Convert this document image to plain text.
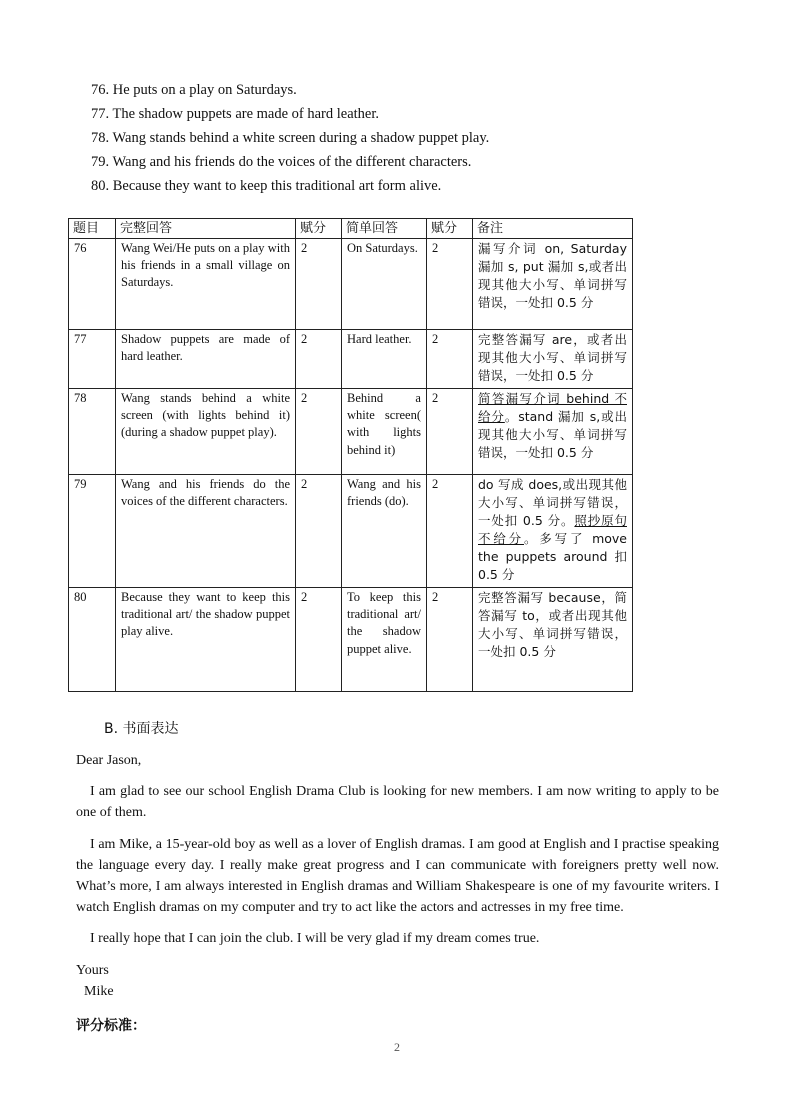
76. He puts on a play on Saturdays.
77. The shadow puppets are made of hard leather.
78. Wang stands behind a white screen during a shadow puppet play.
79. Wang and his friends do the voices of the different characters.
80. Because they want to keep this traditional art form alive.
题目	完整回答	赋分	简单回答	赋分	备注
76	Wang Wei/He puts on a play with his friends in a small village on Saturdays.	2	On Saturdays.	2	漏写介词 on, Saturday 漏加 s, put 漏加 s,或者出现其他大小写、单词拼写错误，一处扣 0.5 分
77	Shadow puppets are made of hard leather.	2	Hard leather.	2	完整答漏写 are，或者出现其他大小写、单词拼写错误，一处扣 0.5 分
78	Wang stands behind a white screen (with lights behind it)(during a shadow puppet play).	2	Behind a white screen( with lights behind it)	2	简答漏写介词 behind 不给分。stand 漏加 s,或出现其他大小写、单词拼写错误，一处扣 0.5 分
79	Wang and his friends do the voices of the different characters.	2	Wang and his friends (do).	2	do 写成 does,或出现其他大小写、单词拼写错误，一处扣 0.5 分。照抄原句不给分。多写了 move the puppets around 扣 0.5 分
80	Because they want to keep this traditional art/ the shadow puppet play alive.	2	To keep this traditional art/ the shadow puppet alive.	2	完整答漏写 because，简答漏写 to，或者出现其他大小写、单词拼写错误，一处扣 0.5 分
B. 书面表达

Dear Jason,

I am glad to see our school English Drama Club is looking for new members. I am now writing to apply to be one of them.

I am Mike, a 15-year-old boy as well as a lover of English dramas. I am good at English and I practise speaking the language every day. I really make great progress and I can communicate with foreigners pretty well now. What’s more, I am always interested in English dramas and William Shakespeare is one of my favourite writers. I watch English dramas on my computer and try to act like the actors and actresses in my free time.

I really hope that I can join the club. I will be very glad if my dream comes true.

Yours

Mike

评分标准：
2
